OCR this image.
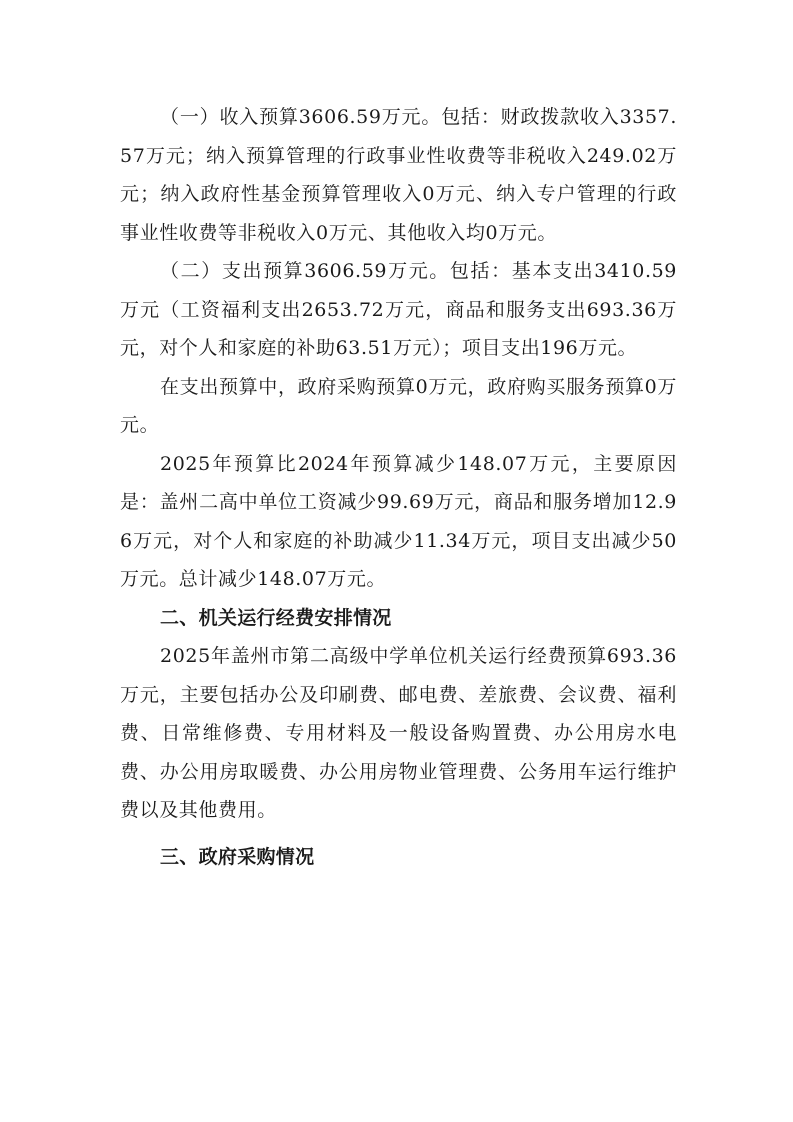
（一）收入预算3606.59万元。包括：财政拨款收入3357.57万元；纳入预算管理的行政事业性收费等非税收入249.02万元；纳入政府性基金预算管理收入0万元、纳入专户管理的行政事业性收费等非税收入0万元、其他收入均0万元。

（二）支出预算3606.59万元。包括：基本支出3410.59万元（工资福利支出2653.72万元，商品和服务支出693.36万元，对个人和家庭的补助63.51万元）；项目支出196万元。

在支出预算中，政府采购预算0万元，政府购买服务预算0万元。

2025年预算比2024年预算减少148.07万元，主要原因是：盖州二高中单位工资减少99.69万元，商品和服务增加12.96万元，对个人和家庭的补助减少11.34万元，项目支出减少50万元。总计减少148.07万元。

二、机关运行经费安排情况

2025年盖州市第二高级中学单位机关运行经费预算693.36万元，主要包括办公及印刷费、邮电费、差旅费、会议费、福利费、日常维修费、专用材料及一般设备购置费、办公用房水电费、办公用房取暖费、办公用房物业管理费、公务用车运行维护费以及其他费用。

三、政府采购情况
